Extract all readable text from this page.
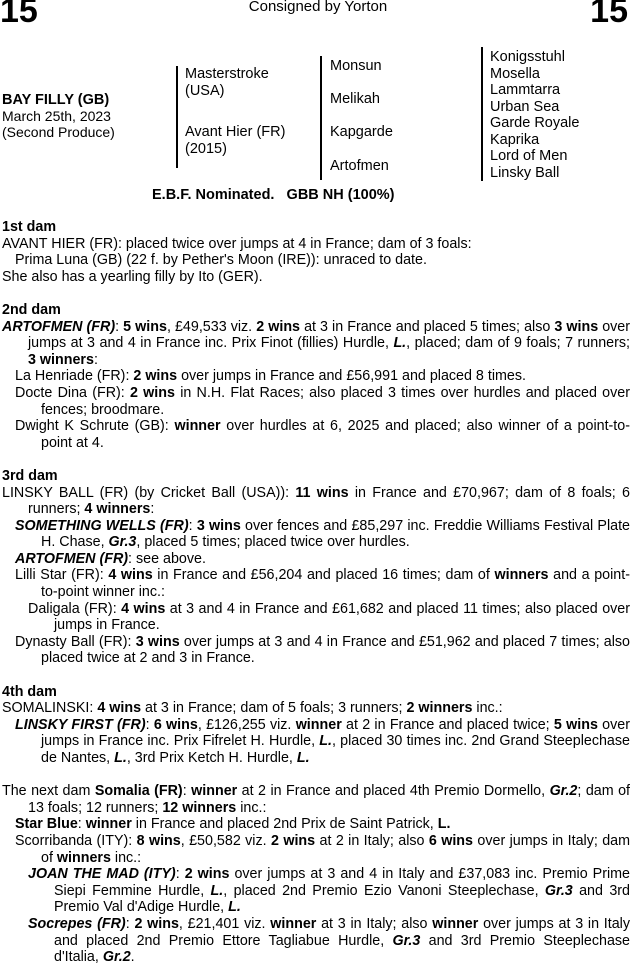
15	15
Consigned by Yorton
BAY FILLY (GB)
March 25th, 2023
(Second Produce)
Masterstroke
(USA)
Avant Hier (FR)
(2015)
Monsun
Melikah
Kapgarde
Artofmen
Konigsstuhl
Mosella
Lammtarra
Urban Sea
Garde Royale
Kaprika
Lord of Men
Linsky Ball
E.B.F. Nominated.   GBB NH (100%)

1st dam

AVANT HIER (FR): placed twice over jumps at 4 in France; dam of 3 foals:

Prima Luna (GB) (22 f. by Pether's Moon (IRE)): unraced to date.

She also has a yearling filly by Ito (GER).

2nd dam

ARTOFMEN (FR): 5 wins, £49,533 viz. 2 wins at 3 in France and placed 5 times; also 3 wins over jumps at 3 and 4 in France inc. Prix Finot (fillies) Hurdle, L., placed; dam of 9 foals; 7 runners; 3 winners:

La Henriade (FR): 2 wins over jumps in France and £56,991 and placed 8 times.

Docte Dina (FR): 2 wins in N.H. Flat Races; also placed 3 times over hurdles and placed over fences; broodmare.

Dwight K Schrute (GB): winner over hurdles at 6, 2025 and placed; also winner of a point-to-point at 4.

3rd dam

LINSKY BALL (FR) (by Cricket Ball (USA)): 11 wins in France and £70,967; dam of 8 foals; 6 runners; 4 winners:

SOMETHING WELLS (FR): 3 wins over fences and £85,297 inc. Freddie Williams Festival Plate H. Chase, Gr.3, placed 5 times; placed twice over hurdles.

ARTOFMEN (FR): see above.

Lilli Star (FR): 4 wins in France and £56,204 and placed 16 times; dam of winners and a point-to-point winner inc.:

Daligala (FR): 4 wins at 3 and 4 in France and £61,682 and placed 11 times; also placed over jumps in France.

Dynasty Ball (FR): 3 wins over jumps at 3 and 4 in France and £51,962 and placed 7 times; also placed twice at 2 and 3 in France.

4th dam

SOMALINSKI: 4 wins at 3 in France; dam of 5 foals; 3 runners; 2 winners inc.:

LINSKY FIRST (FR): 6 wins, £126,255 viz. winner at 2 in France and placed twice; 5 wins over jumps in France inc. Prix Fifrelet H. Hurdle, L., placed 30 times inc. 2nd Grand Steeplechase de Nantes, L., 3rd Prix Ketch H. Hurdle, L.

The next dam Somalia (FR): winner at 2 in France and placed 4th Premio Dormello, Gr.2; dam of 13 foals; 12 runners; 12 winners inc.:

Star Blue: winner in France and placed 2nd Prix de Saint Patrick, L.

Scorribanda (ITY): 8 wins, £50,582 viz. 2 wins at 2 in Italy; also 6 wins over jumps in Italy; dam of winners inc.:

JOAN THE MAD (ITY): 2 wins over jumps at 3 and 4 in Italy and £37,083 inc. Premio Prime Siepi Femmine Hurdle, L., placed 2nd Premio Ezio Vanoni Steeplechase, Gr.3 and 3rd Premio Val d'Adige Hurdle, L.

Socrepes (FR): 2 wins, £21,401 viz. winner at 3 in Italy; also winner over jumps at 3 in Italy and placed 2nd Premio Ettore Tagliabue Hurdle, Gr.3 and 3rd Premio Steeplechase d'Italia, Gr.2.
